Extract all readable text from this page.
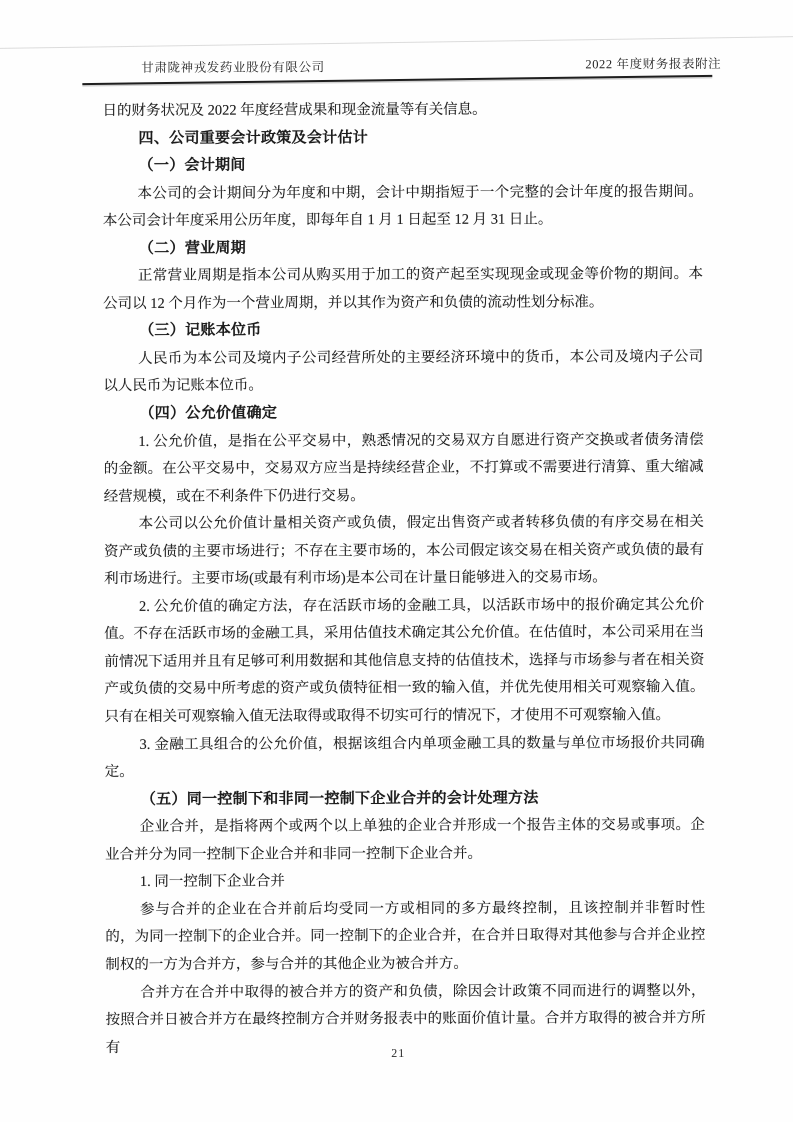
甘肃陇神戎发药业股份有限公司	2022 年度财务报表附注

日的财务状况及 2022 年度经营成果和现金流量等有关信息。

四、公司重要会计政策及会计估计

（一）会计期间

本公司的会计期间分为年度和中期，会计中期指短于一个完整的会计年度的报告期间。本公司会计年度采用公历年度，即每年自 1 月 1 日起至 12 月 31 日止。

（二）营业周期

正常营业周期是指本公司从购买用于加工的资产起至实现现金或现金等价物的期间。本公司以 12 个月作为一个营业周期，并以其作为资产和负债的流动性划分标准。

（三）记账本位币

人民币为本公司及境内子公司经营所处的主要经济环境中的货币，本公司及境内子公司以人民币为记账本位币。

（四）公允价值确定

1. 公允价值，是指在公平交易中，熟悉情况的交易双方自愿进行资产交换或者债务清偿的金额。在公平交易中，交易双方应当是持续经营企业，不打算或不需要进行清算、重大缩减经营规模，或在不利条件下仍进行交易。

本公司以公允价值计量相关资产或负债，假定出售资产或者转移负债的有序交易在相关资产或负债的主要市场进行；不存在主要市场的，本公司假定该交易在相关资产或负债的最有利市场进行。主要市场(或最有利市场)是本公司在计量日能够进入的交易市场。

2. 公允价值的确定方法，存在活跃市场的金融工具，以活跃市场中的报价确定其公允价值。不存在活跃市场的金融工具，采用估值技术确定其公允价值。在估值时，本公司采用在当前情况下适用并且有足够可利用数据和其他信息支持的估值技术，选择与市场参与者在相关资产或负债的交易中所考虑的资产或负债特征相一致的输入值，并优先使用相关可观察输入值。只有在相关可观察输入值无法取得或取得不切实可行的情况下，才使用不可观察输入值。

3. 金融工具组合的公允价值，根据该组合内单项金融工具的数量与单位市场报价共同确定。

（五）同一控制下和非同一控制下企业合并的会计处理方法

企业合并，是指将两个或两个以上单独的企业合并形成一个报告主体的交易或事项。企业合并分为同一控制下企业合并和非同一控制下企业合并。

1. 同一控制下企业合并

参与合并的企业在合并前后均受同一方或相同的多方最终控制，且该控制并非暂时性的，为同一控制下的企业合并。同一控制下的企业合并，在合并日取得对其他参与合并企业控制权的一方为合并方，参与合并的其他企业为被合并方。

合并方在合并中取得的被合并方的资产和负债，除因会计政策不同而进行的调整以外，按照合并日被合并方在最终控制方合并财务报表中的账面价值计量。合并方取得的被合并方所有	21
